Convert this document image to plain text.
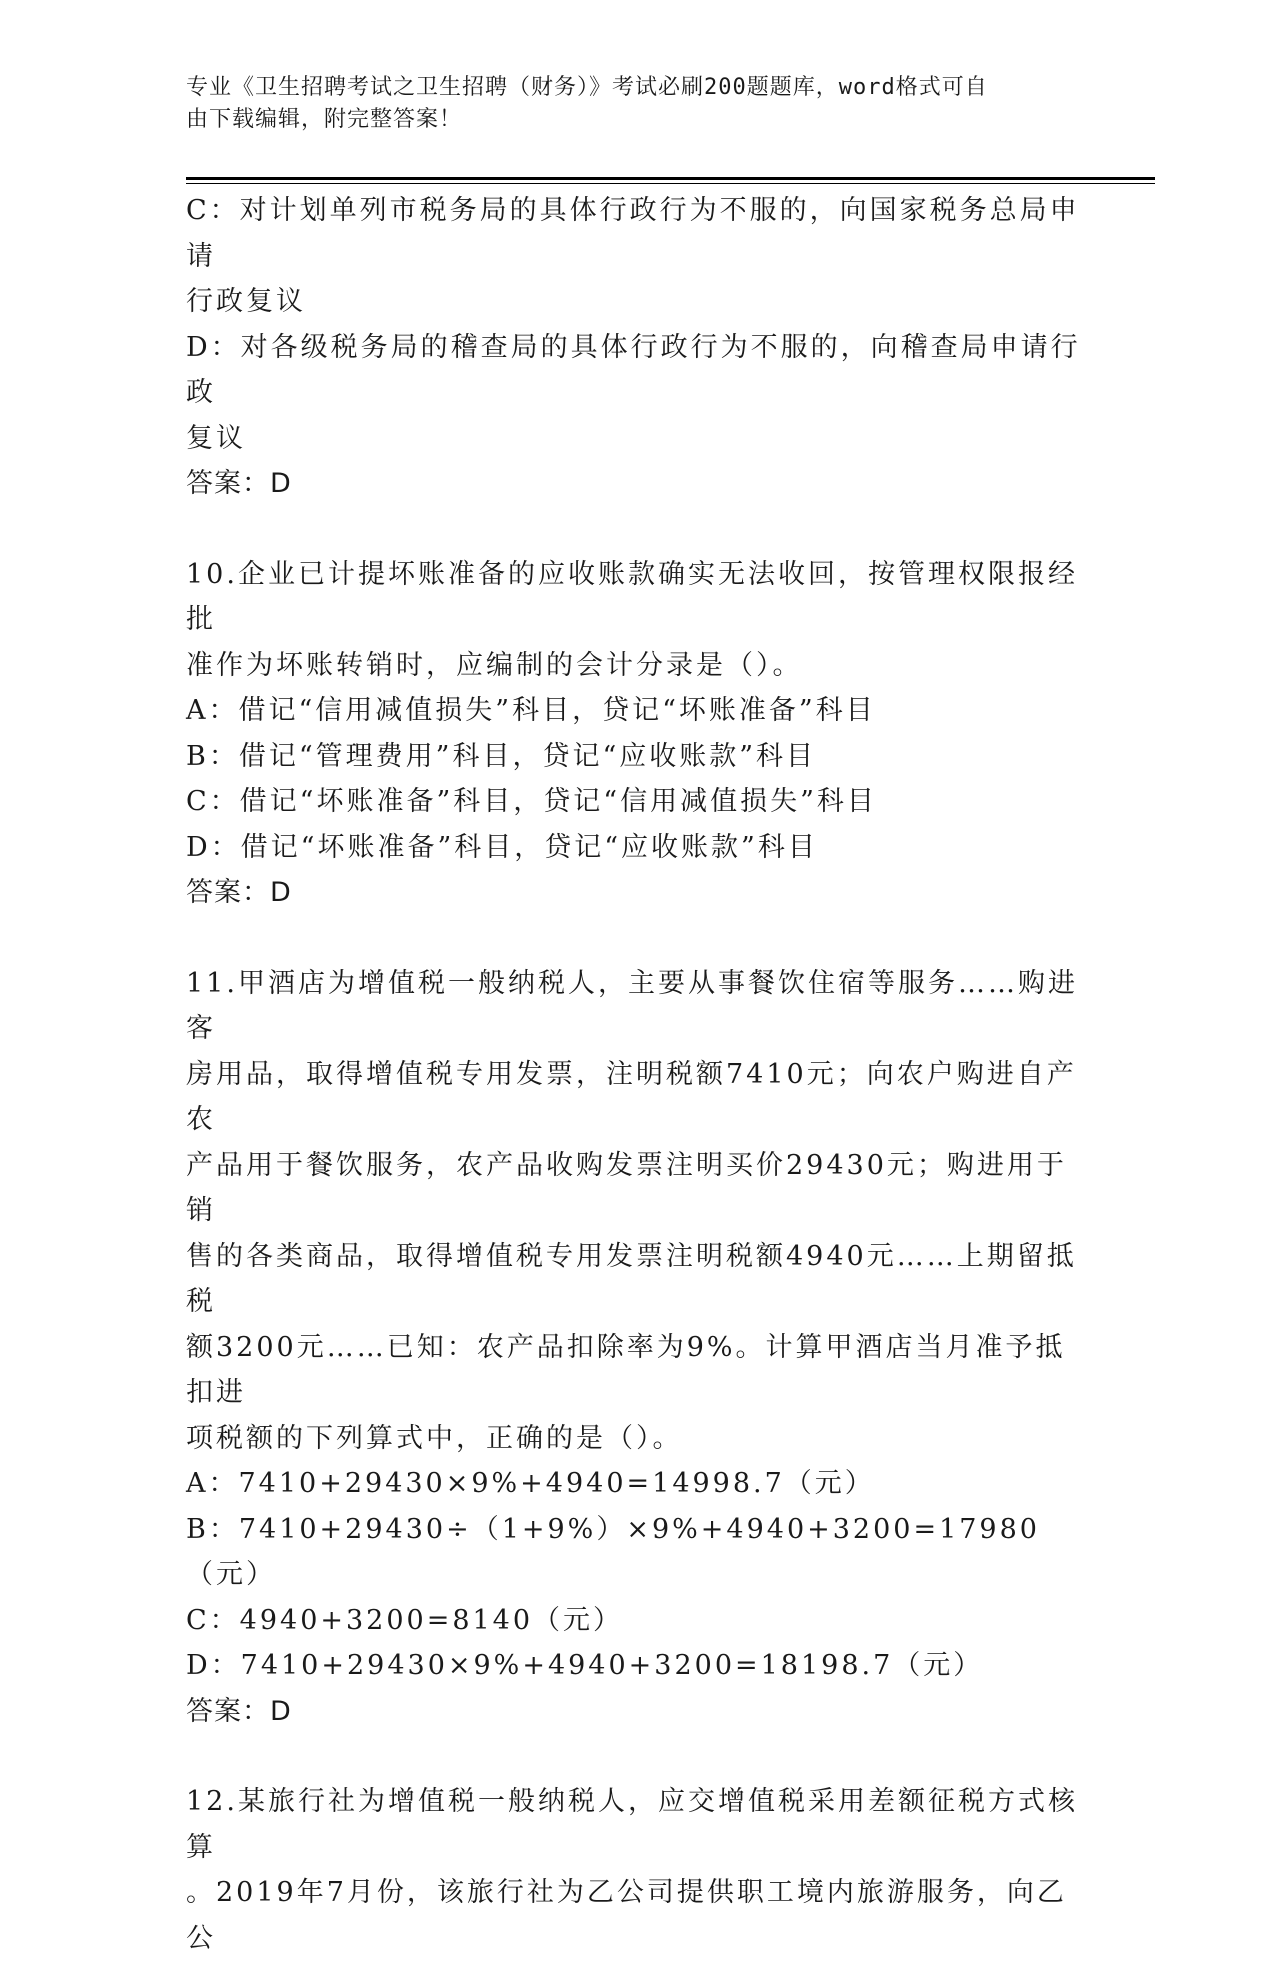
专业《卫生招聘考试之卫生招聘（财务）》考试必刷200题题库，word格式可自
由下载编辑，附完整答案！

C：对计划单列市税务局的具体行政行为不服的，向国家税务总局申请

行政复议

D：对各级税务局的稽查局的具体行政行为不服的，向稽查局申请行政

复议

答案：D

10.企业已计提坏账准备的应收账款确实无法收回，按管理权限报经批

准作为坏账转销时，应编制的会计分录是（）。

A：借记“信用减值损失”科目，贷记“坏账准备”科目

B：借记“管理费用”科目，贷记“应收账款”科目

C：借记“坏账准备”科目，贷记“信用减值损失”科目

D：借记“坏账准备”科目，贷记“应收账款”科目

答案：D

11.甲酒店为增值税一般纳税人，主要从事餐饮住宿等服务……购进客

房用品，取得增值税专用发票，注明税额7410元；向农户购进自产农

产品用于餐饮服务，农产品收购发票注明买价29430元；购进用于销

售的各类商品，取得增值税专用发票注明税额4940元……上期留抵税

额3200元……已知：农产品扣除率为9%。计算甲酒店当月准予抵扣进

项税额的下列算式中，正确的是（）。

A：7410+29430×9%+4940=14998.7（元）

B：7410+29430÷（1+9%）×9%+4940+3200=17980（元）

C：4940+3200=8140（元）

D：7410+29430×9%+4940+3200=18198.7（元）

答案：D

12.某旅行社为增值税一般纳税人，应交增值税采用差额征税方式核算

。2019年7月份，该旅行社为乙公司提供职工境内旅游服务，向乙公
